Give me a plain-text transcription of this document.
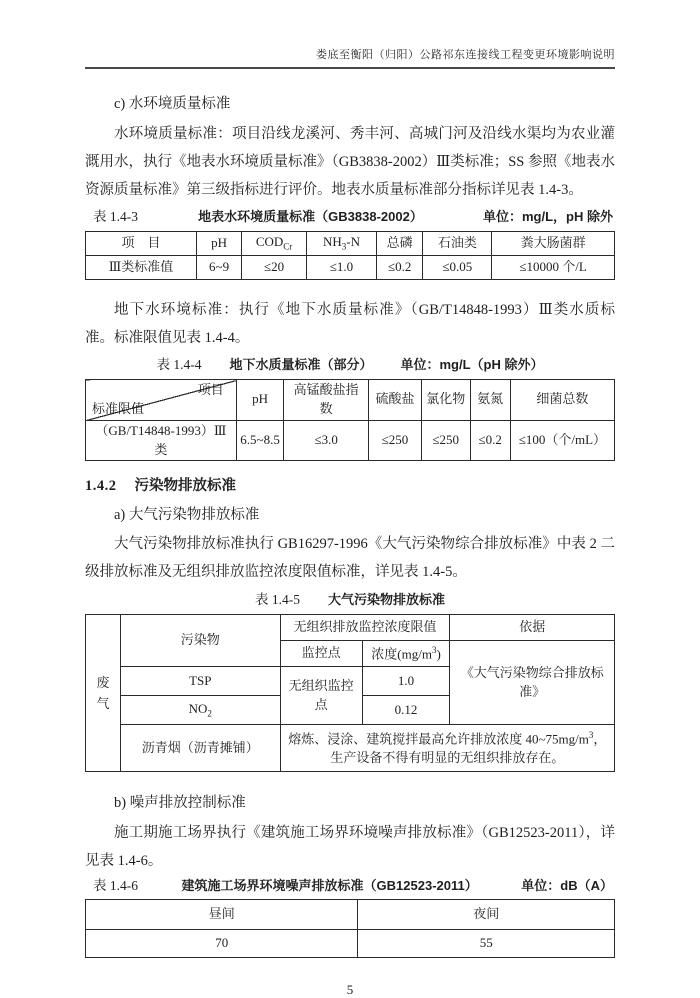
娄底至衡阳（归阳）公路祁东连接线工程变更环境影响说明

c) 水环境质量标准

水环境质量标准：项目沿线龙溪河、秀丰河、高城门河及沿线水渠均为农业灌溉用水，执行《地表水环境质量标准》（GB3838-2002）Ⅲ类标准；SS 参照《地表水资源质量标准》第三级指标进行评价。地表水质量标准部分指标详见表 1.4-3。

表 1.4-3	地表水环境质量标准（GB3838-2002）	单位：mg/L，pH 除外
项　目	pH	$COD_{Cr}$	$NH_3-N$	总磷	石油类	粪大肠菌群
Ⅲ类标准值	6~9	≤20	≤1.0	≤0.2	≤0.05	≤10000 个/L

地下水环境标准：执行《地下水质量标准》（GB/T14848-1993）Ⅲ类水质标准。标准限值见表 1.4-4。

表 1.4-4 地下水质量标准（部分） 单位：mg/L（pH 除外）
项目
标准限值	pH	高锰酸盐指数	硫酸盐	氯化物	氨氮	细菌总数
（GB/T14848-1993）Ⅲ类	6.5~8.5	≤3.0	≤250	≤250	≤0.2	≤100（个/mL）

1.4.2 污染物排放标准

a) 大气污染物排放标准

大气污染物排放标准执行 GB16297-1996《大气污染物综合排放标准》中表 2 二级排放标准及无组织排放监控浓度限值标准，详见表 1.4-5。

表 1.4-5 大气污染物排放标准
废气	污染物	无组织排放监控浓度限值		依据
		监控点	浓度$(mg/m^3)$	《大气污染物综合排放标准》
	TSP	无组织监控点	1.0	
	$NO_2$		0.12	
	沥青烟（沥青摊铺）	熔炼、浸涂、建筑搅拌最高允许排放浓度 $40\sim 75mg/m^3$，生产设备不得有明显的无组织排放存在。		

b) 噪声排放控制标准

施工期施工场界执行《建筑施工场界环境噪声排放标准》（GB12523-2011），详见表 1.4-6。

表 1.4-6	建筑施工场界环境噪声排放标准（GB12523-2011）	单位：dB（A）
昼间	夜间
70	55
5
